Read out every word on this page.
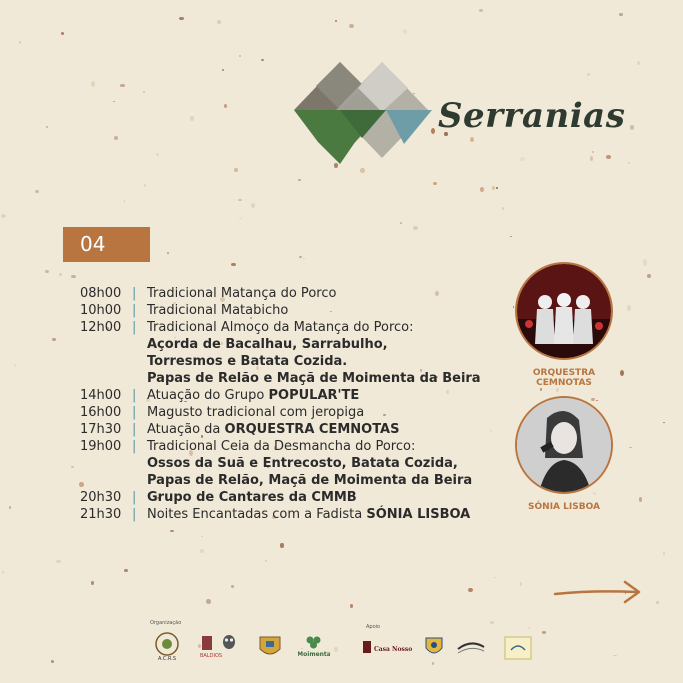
Serranias
04
08h00 | Tradicional Matança do Porco
10h00 | Tradicional Matabicho
12h00 | Tradicional Almoço da Matança do Porco:
Açorda de Bacalhau, Sarrabulho,
Torresmos e Batata Cozida.
Papas de Relão e Maçã de Moimenta da Beira
14h00 | Atuação do Grupo POPULAR'TE
16h00 | Magusto tradicional com jeropiga
17h30 | Atuação da ORQUESTRA CEMNOTAS
19h00 | Tradicional Ceia da Desmancha do Porco:
Ossos da Suã e Entrecosto, Batata Cozida,
Papas de Relão, Maçã de Moimenta da Beira
20h30 | Grupo de Cantares da CMMB
21h30 | Noites Encantadas com a Fadista SÓNIA LISBOA
ORQUESTRA CEMNOTAS
SÓNIA LISBOA
Organização
Apoio
A.C.R.S	BALDIOS	Moimenta
Casa Nosso
